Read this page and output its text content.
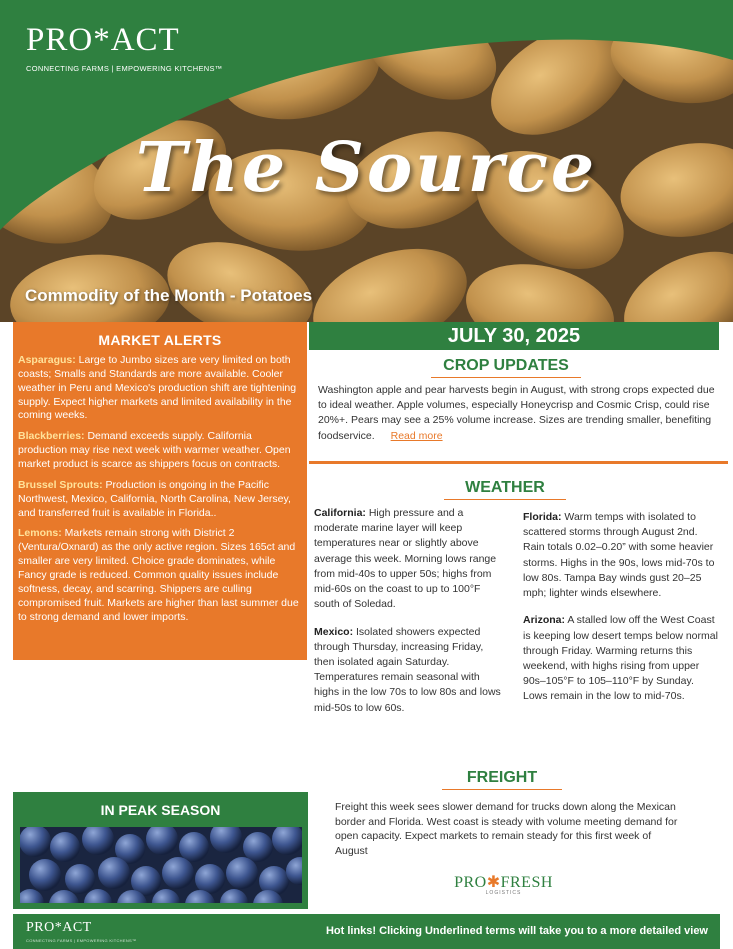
PRO*ACT
CONNECTING FARMS | EMPOWERING KITCHENS™
The Source
Commodity of the Month - Potatoes
MARKET ALERTS
Asparagus: Large to Jumbo sizes are very limited on both coasts; Smalls and Standards are more available. Cooler weather in Peru and Mexico's production shift are tightening supply. Expect higher markets and limited availability in the coming weeks.
Blackberries: Demand exceeds supply. California production may rise next week with warmer weather. Open market product is scarce as shippers focus on contracts.
Brussel Sprouts: Production is ongoing in the Pacific Northwest, Mexico, California, North Carolina, New Jersey, and transferred fruit is available in Florida..
Lemons: Markets remain strong with District 2 (Ventura/Oxnard) as the only active region. Sizes 165ct and smaller are very limited. Choice grade dominates, while Fancy grade is reduced. Common quality issues include softness, decay, and scarring. Shippers are culling compromised fruit. Markets are higher than last summer due to strong demand and lower imports.
JULY 30, 2025
CROP UPDATES
Washington apple and pear harvests begin in August, with strong crops expected due to ideal weather. Apple volumes, especially Honeycrisp and Cosmic Crisp, could rise 20%+. Pears may see a 25% volume increase. Sizes are trending smaller, benefiting foodservice. Read more
WEATHER

California: High pressure and a moderate marine layer will keep temperatures near or slightly above average this week. Morning lows range from mid-40s to upper 50s; highs from mid-60s on the coast to up to 100°F south of Soledad.

Mexico: Isolated showers expected through Thursday, increasing Friday, then isolated again Saturday. Temperatures remain seasonal with highs in the low 70s to low 80s and lows mid-50s to low 60s.

Florida: Warm temps with isolated to scattered storms through August 2nd. Rain totals 0.02–0.20” with some heavier storms. Highs in the 90s, lows mid-70s to low 80s. Tampa Bay winds gust 20–25 mph; lighter winds elsewhere.

Arizona: A stalled low off the West Coast is keeping low desert temps below normal through Friday. Warming returns this weekend, with highs rising from upper 90s–105°F to 105–110°F by Sunday. Lows remain in the low to mid-70s.

FREIGHT
Freight this week sees slower demand for trucks down along the Mexican border and Florida. West coast is steady with volume meeting demand for open capacity. Expect markets to remain steady for this first week of August
PRO✱FRESH
LOGISTICS
IN PEAK SEASON
PRO*ACT
CONNECTING FARMS | EMPOWERING KITCHENS™
Hot links! Clicking Underlined terms will take you to a more detailed view
